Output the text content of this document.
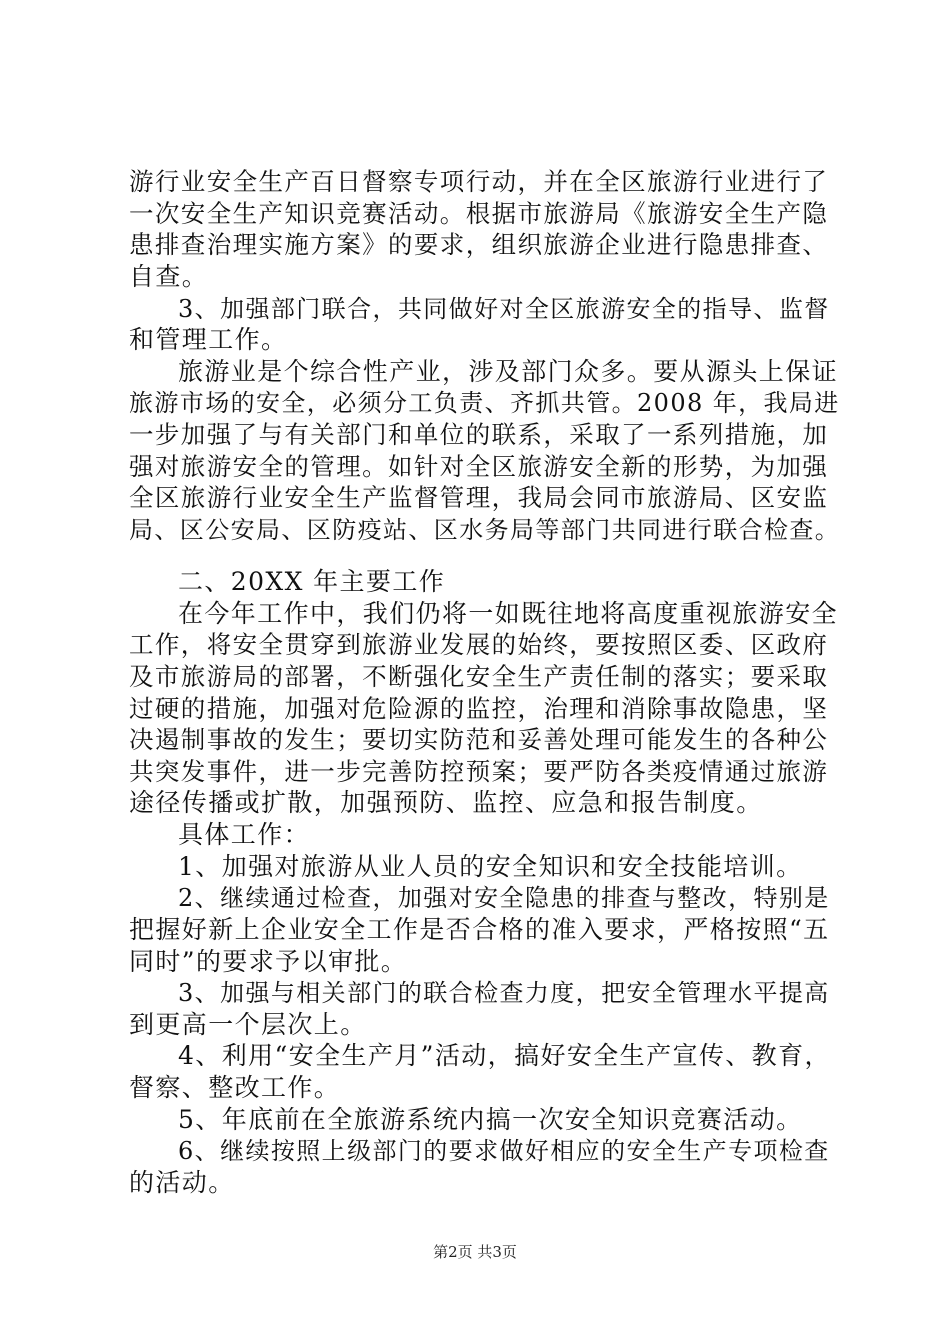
游行业安全生产百日督察专项行动，并在全区旅游行业进行了
一次安全生产知识竞赛活动。根据市旅游局《旅游安全生产隐
患排查治理实施方案》的要求，组织旅游企业进行隐患排查、
自查。
3、加强部门联合，共同做好对全区旅游安全的指导、监督
和管理工作。
旅游业是个综合性产业，涉及部门众多。要从源头上保证
旅游市场的安全，必须分工负责、齐抓共管。2008 年，我局进
一步加强了与有关部门和单位的联系，采取了一系列措施，加
强对旅游安全的管理。如针对全区旅游安全新的形势，为加强
全区旅游行业安全生产监督管理，我局会同市旅游局、区安监
局、区公安局、区防疫站、区水务局等部门共同进行联合检查。
二、20XX 年主要工作
在今年工作中，我们仍将一如既往地将高度重视旅游安全
工作，将安全贯穿到旅游业发展的始终，要按照区委、区政府
及市旅游局的部署，不断强化安全生产责任制的落实；要采取
过硬的措施，加强对危险源的监控，治理和消除事故隐患，坚
决遏制事故的发生；要切实防范和妥善处理可能发生的各种公
共突发事件，进一步完善防控预案；要严防各类疫情通过旅游
途径传播或扩散，加强预防、监控、应急和报告制度。
具体工作：
1、加强对旅游从业人员的安全知识和安全技能培训。
2、继续通过检查，加强对安全隐患的排查与整改，特别是
把握好新上企业安全工作是否合格的准入要求，严格按照“五
同时”的要求予以审批。
3、加强与相关部门的联合检查力度，把安全管理水平提高
到更高一个层次上。
4、利用“安全生产月”活动，搞好安全生产宣传、教育，
督察、整改工作。
5、年底前在全旅游系统内搞一次安全知识竞赛活动。
6、继续按照上级部门的要求做好相应的安全生产专项检查
的活动。
第2页 共3页
